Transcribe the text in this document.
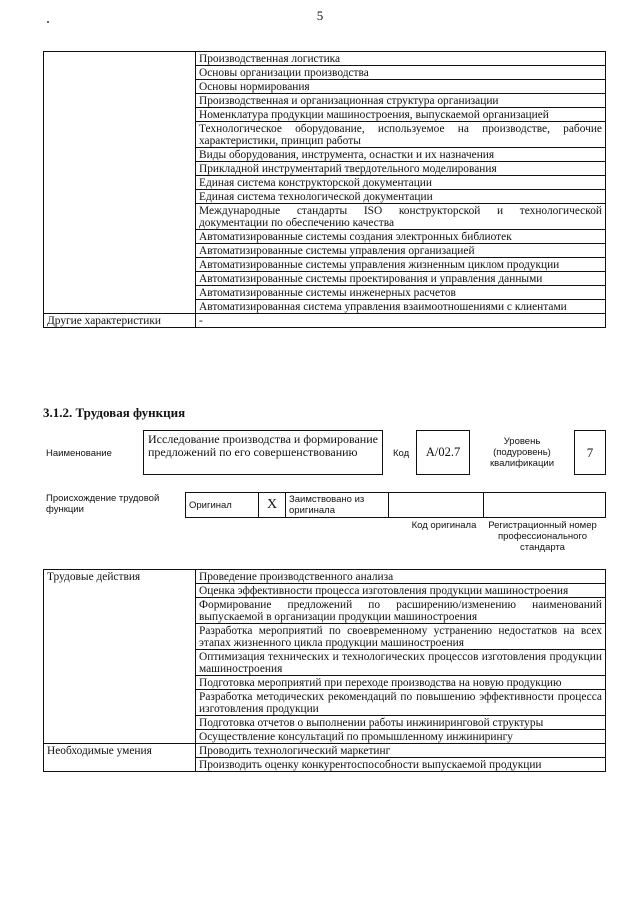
5
	Производственная логистика
	Основы организации производства
	Основы нормирования
	Производственная и организационная структура организации
	Номенклатура продукции машиностроения, выпускаемой организацией
	Технологическое оборудование, используемое на производстве, рабочие характеристики, принцип работы
	Виды оборудования, инструмента, оснастки и их назначения
	Прикладной инструментарий твердотельного моделирования
	Единая система конструкторской документации
	Единая система технологической документации
	Международные стандарты ISO конструкторской и технологической документации по обеспечению качества
	Автоматизированные системы создания электронных библиотек
	Автоматизированные системы управления организацией
	Автоматизированные системы управления жизненным циклом продукции
	Автоматизированные системы проектирования и управления данными
	Автоматизированные системы инженерных расчетов
	Автоматизированная система управления взаимоотношениями с клиентами
Другие характеристики	-
3.1.2. Трудовая функция
Наименование
Исследование производства и формирование предложений по его совершенствованию	Код	A/02.7
Уровень (подуровень) квалификации
7
Происхождение трудовой функции	Оригинал	X	Заимствовано из оригинала		
Код оригинала	Регистрационный номер профессионального стандарта
Трудовые действия	Проведение производственного анализа
	Оценка эффективности процесса изготовления продукции машиностроения
	Формирование предложений по расширению/изменению наименований выпускаемой в организации продукции машиностроения
	Разработка мероприятий по своевременному устранению недостатков на всех этапах жизненного цикла продукции машиностроения
	Оптимизация технических и технологических процессов изготовления продукции машиностроения
	Подготовка мероприятий при переходе производства на новую продукцию
	Разработка методических рекомендаций по повышению эффективности процесса изготовления продукции
	Подготовка отчетов о выполнении работы инжиниринговой структуры
	Осуществление консультаций по промышленному инжинирингу
Необходимые умения	Проводить технологический маркетинг
	Производить оценку конкурентоспособности выпускаемой продукции
